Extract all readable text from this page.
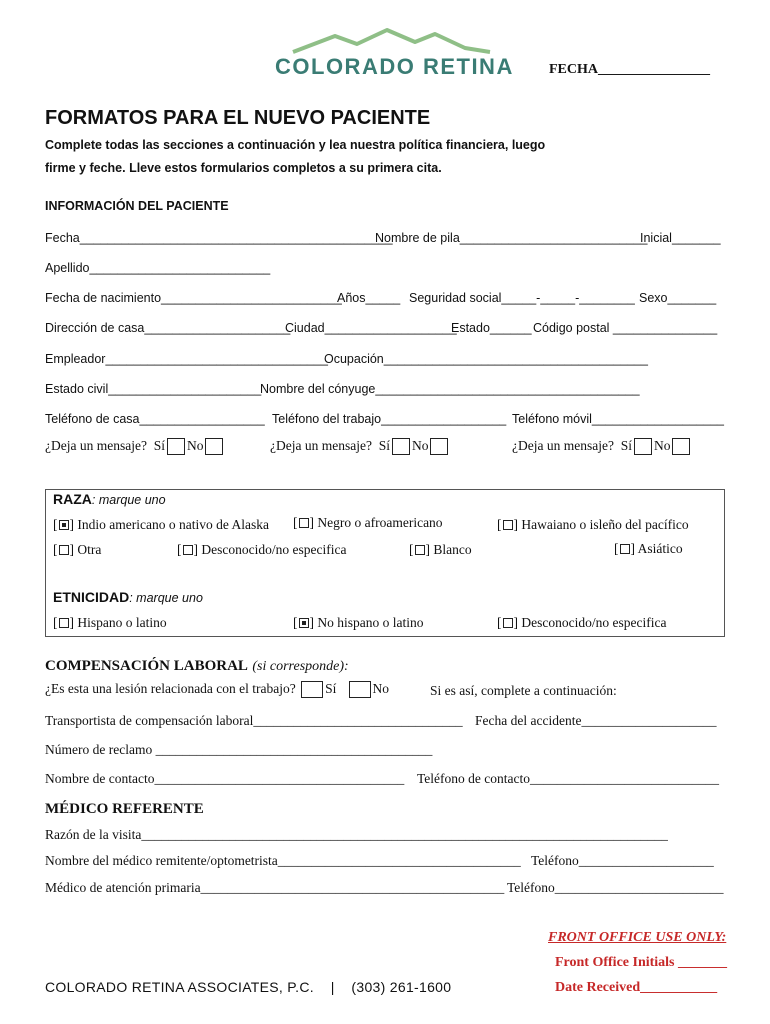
COLORADO RETINA	FECHA________________
FORMATOS PARA EL NUEVO PACIENTE
Complete todas las secciones a continuación y lea nuestra política financiera, luego
firme y feche. Lleve estos formularios completos a su primera cita.
INFORMACIÓN DEL PACIENTE
Fecha_____________________________________________
Nombre de pila___________________________
Inicial_______
Apellido__________________________
Fecha de nacimiento__________________________
Años_____ Seguridad social_____-_____-________ Sexo_______
Dirección de casa_____________________
Ciudad___________________
Estado______ Código postal _______________
Empleador________________________________
Ocupación______________________________________
Estado civil______________________
Nombre del cónyuge______________________________________
Teléfono de casa__________________ Teléfono del trabajo__________________ Teléfono móvil___________________
¿Deja un mensaje? Sí No	¿Deja un mensaje? Sí No	¿Deja un mensaje? Sí No
RAZA: marque uno
[ ] Indio americano o nativo de Alaska [ ] Negro o afroamericano	[ ] Hawaiano o isleño del pacífico
[ ] Otra	[ ] Desconocido/no especifica	[ ] Blanco	[ ] Asiático
ETNICIDAD: marque uno
[ ] Hispano o latino	[ ] No hispano o latino	[ ] Desconocido/no especifica
COMPENSACIÓN LABORAL (si corresponde):
¿Es esta una lesión relacionada con el trabajo? Sí	No	Si es así, complete a continuación:
Transportista de compensación laboral_______________________________ Fecha del accidente____________________
Número de reclamo _________________________________________
Nombre de contacto_____________________________________ Teléfono de contacto____________________________
MÉDICO REFERENTE
Razón de la visita______________________________________________________________________________
Nombre del médico remitente/optometrista____________________________________ Teléfono____________________
Médico de atención primaria_____________________________________________ Teléfono_________________________
FRONT OFFICE USE ONLY:
Front Office Initials _______
Date Received___________
COLORADO RETINA ASSOCIATES, P.C. | (303) 261-1600
